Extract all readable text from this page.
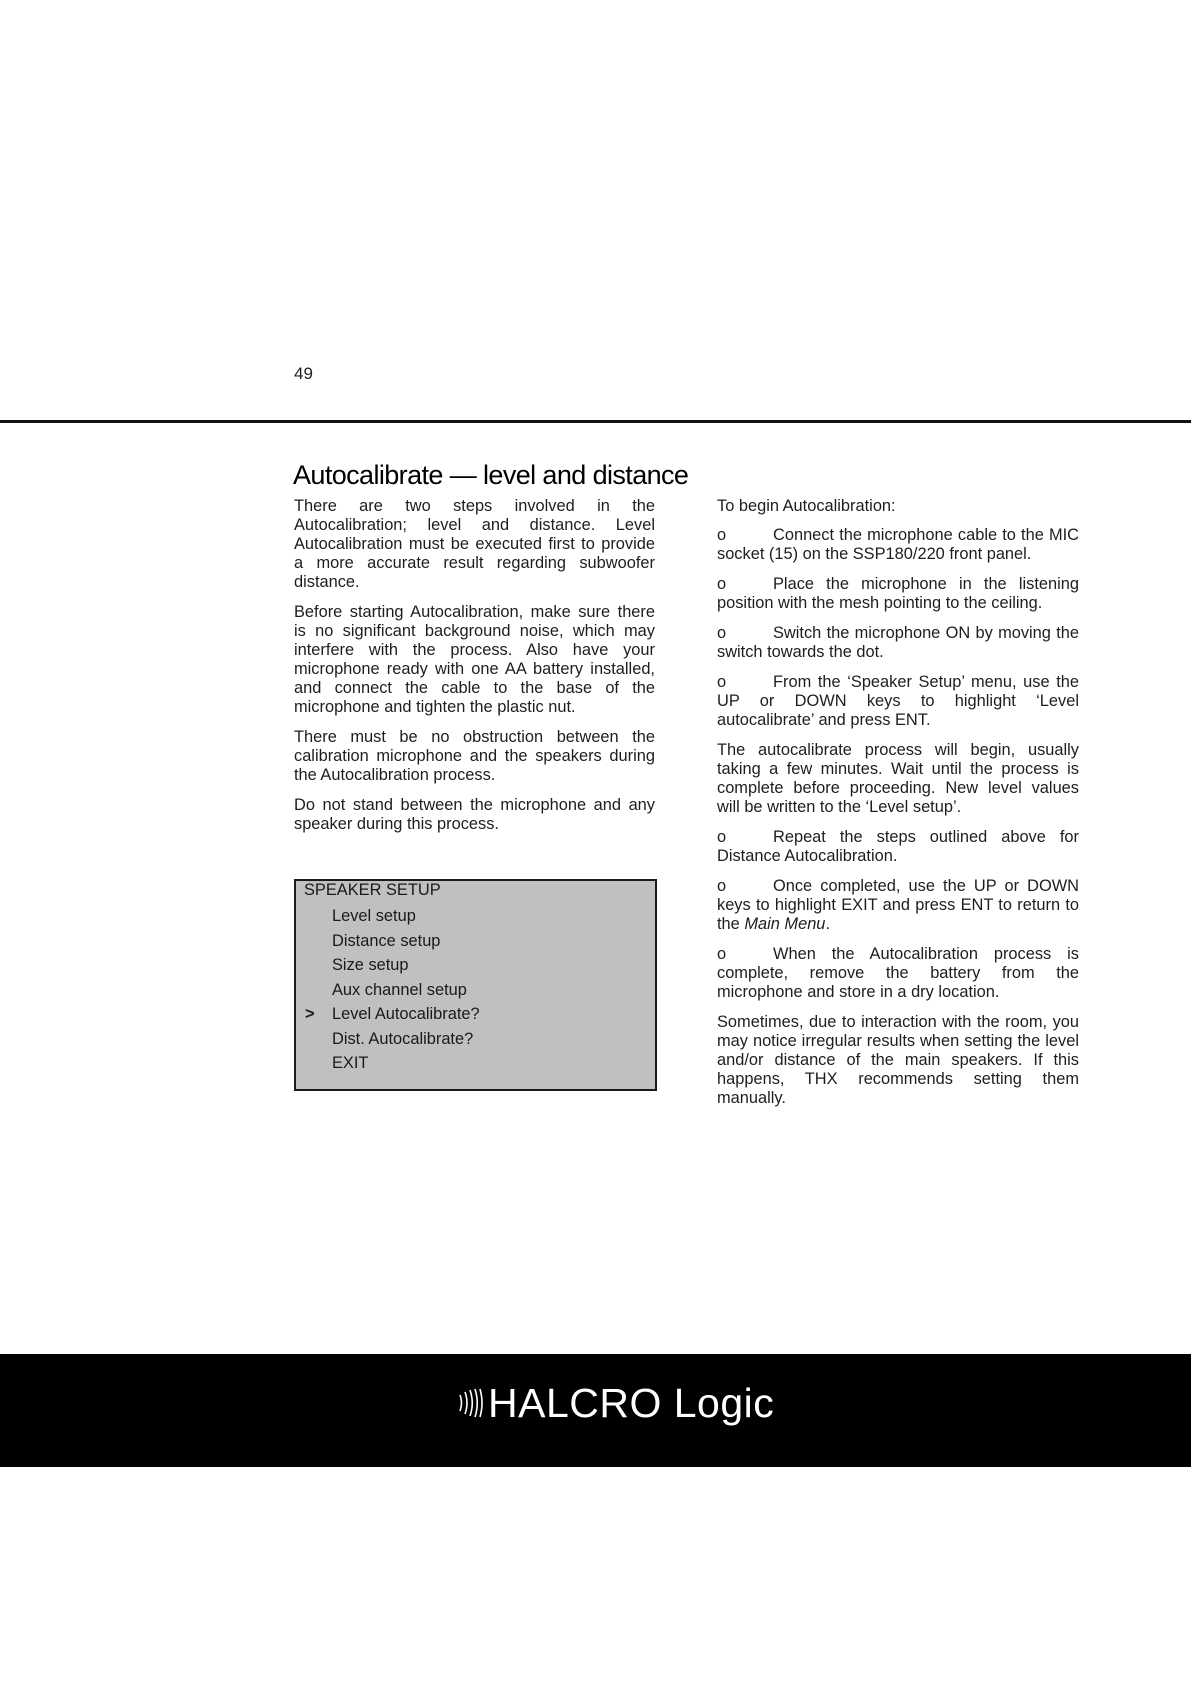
49
Autocalibrate — level and distance

There are two steps involved in the Autocalibration; level and distance. Level Autocalibration must be executed first to provide a more accurate result regarding subwoofer distance.

Before starting Autocalibration, make sure there is no significant background noise, which may interfere with the process. Also have your microphone ready with one AA battery installed, and connect the cable to the base of the microphone and tighten the plastic nut.

There must be no obstruction between the calibration microphone and the speakers during the Autocalibration process.

Do not stand between the microphone and any speaker during this process.

SPEAKER SETUP
Level setup
Distance setup
Size setup
Aux channel setup
> Level Autocalibrate?
Dist. Autocalibrate?
EXIT

To begin Autocalibration:

o	Connect the microphone cable to the MIC socket (15) on the SSP180/220 front panel.

o	Place the microphone in the listening position with the mesh pointing to the ceiling.

o	Switch the microphone ON by moving the switch towards the dot.

o	From the ‘Speaker Setup’ menu, use the UP or DOWN keys to highlight ‘Level autocalibrate’ and press ENT.

The autocalibrate process will begin, usually taking a few minutes. Wait until the process is complete before proceeding. New level values will be written to the ‘Level setup’.

o	Repeat the steps outlined above for Distance Autocalibration.

o	Once completed, use the UP or DOWN keys to highlight EXIT and press ENT to return to the Main Menu.

o	When the Autocalibration process is complete, remove the battery from the microphone and store in a dry location.

Sometimes, due to interaction with the room, you may notice irregular results when setting the level and/or distance of the main speakers. If this happens, THX recommends setting them manually.

HALCRO Logic
